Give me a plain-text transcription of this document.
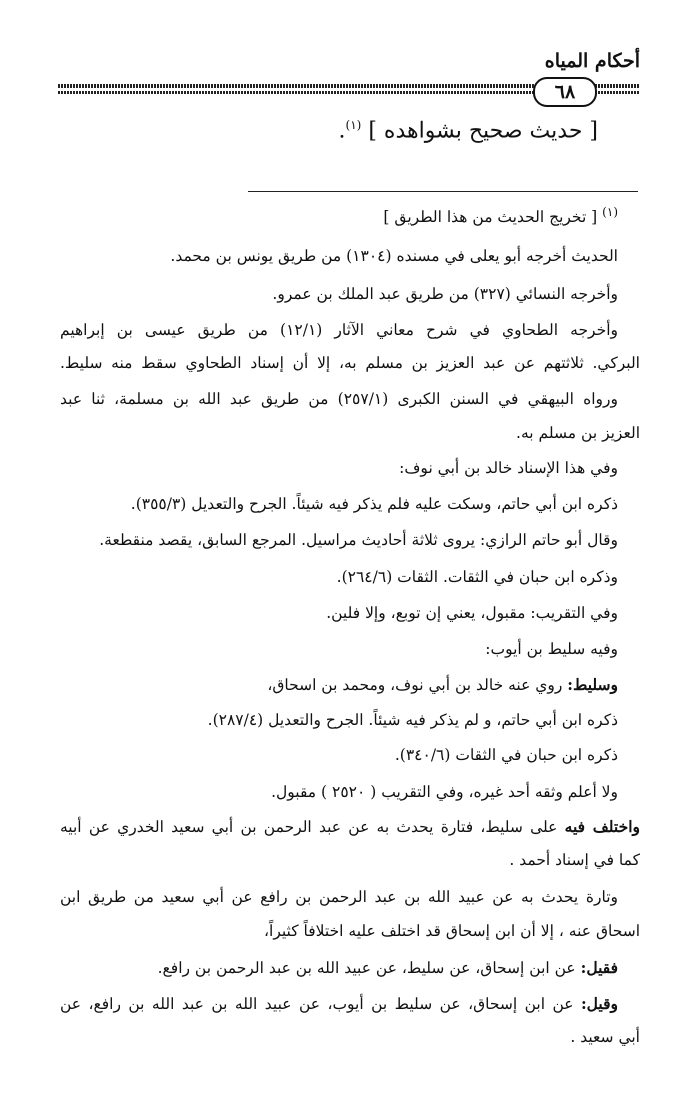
أحكام المياه
٦٨
[ حديث صحيح بشواهده ] $^{(١)}$.
$^{(١)}$ [ تخريج الحديث من هذا الطريق ]
الحديث أخرجه أبو يعلى في مسنده (١٣٠٤) من طريق يونس بن محمد.
وأخرجه النسائي (٣٢٧) من طريق عبد الملك بن عمرو.
وأخرجه الطحاوي في شرح معاني الآثار (١٢/١) من طريق عيسى بن إبراهيم
البركي. ثلاثتهم عن عبد العزيز بن مسلم به، إلا أن إسناد الطحاوي سقط منه سليط.
ورواه البيهقي في السنن الكبرى (٢٥٧/١) من طريق عبد الله بن مسلمة، ثنا عبد
العزيز بن مسلم به.
وفي هذا الإسناد خالد بن أبي نوف:
ذكره ابن أبي حاتم، وسكت عليه فلم يذكر فيه شيئاً. الجرح والتعديل (٣٥٥/٣).
وقال أبو حاتم الرازي: يروى ثلاثة أحاديث مراسيل. المرجع السابق، يقصد منقطعة.
وذكره ابن حبان في الثقات. الثقات (٢٦٤/٦).
وفي التقريب: مقبول، يعني إن توبع، وإلا فلين.
وفيه سليط بن أيوب:
وسليط: روي عنه خالد بن أبي نوف، ومحمد بن اسحاق،
ذكره ابن أبي حاتم، و لم يذكر فيه شيئاً. الجرح والتعديل (٢٨٧/٤).
ذكره ابن حبان في الثقات (٣٤٠/٦).
ولا أعلم وثقه أحد غيره، وفي التقريب ( ٢٥٢٠ ) مقبول.
واختلف فيه على سليط، فتارة يحدث به عن عبد الرحمن بن أبي سعيد الخدري عن أبيه
كما في إسناد أحمد .
وتارة يحدث به عن عبيد الله بن عبد الرحمن بن رافع عن أبي سعيد من طريق ابن
اسحاق عنه ، إلا أن ابن إسحاق قد اختلف عليه اختلافاً كثيراً،
فقيل: عن ابن إسحاق، عن سليط، عن عبيد الله بن عبد الرحمن بن رافع.
وقيل: عن ابن إسحاق، عن سليط بن أيوب، عن عبيد الله بن عبد الله بن رافع، عن
أبي سعيد .
